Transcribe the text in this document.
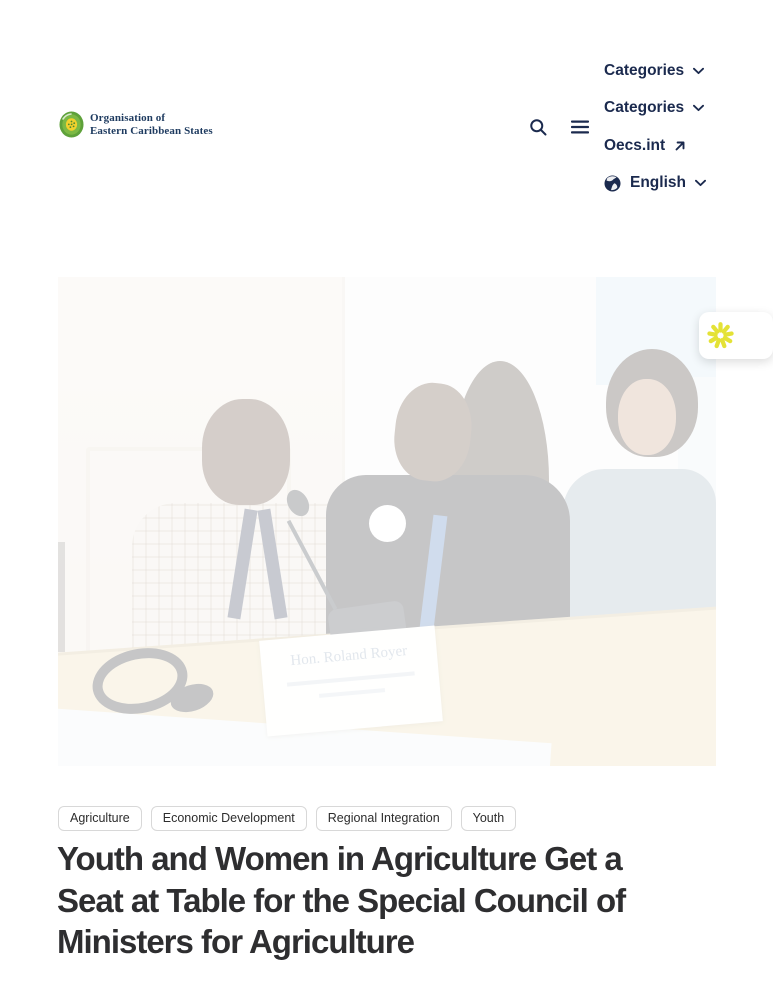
Organisation of
Eastern Caribbean States
Categories
Categories
Oecs.int
English
Agriculture	Economic Development	Regional Integration	Youth
Youth and Women in Agriculture Get a
Seat at Table for the Special Council of
Ministers for Agriculture
